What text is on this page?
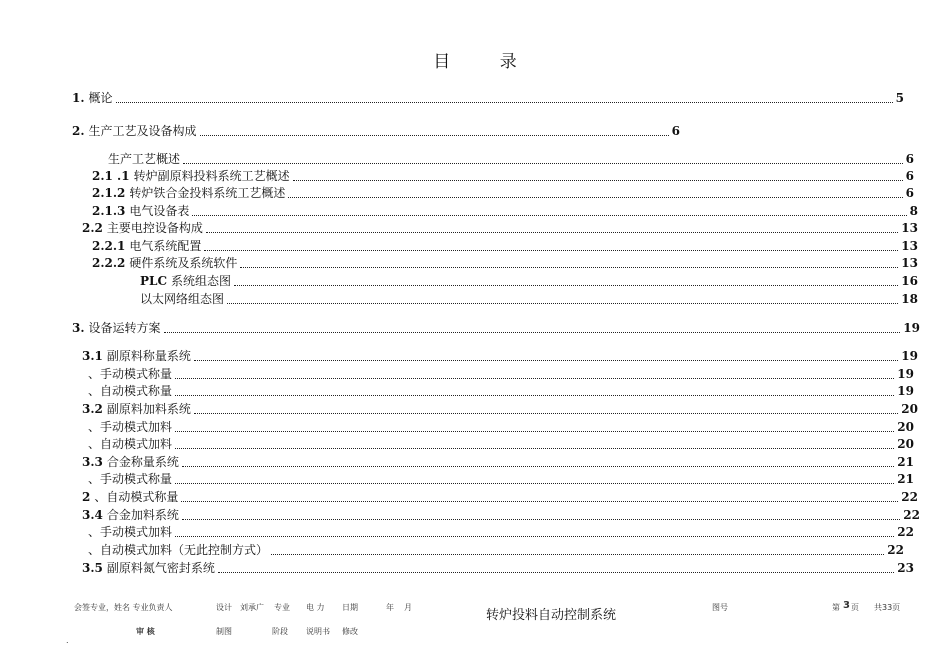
目 录
1. 概论	5
2. 生产工艺及设备构成	6
生产工艺概述	6
2.1 .1 转炉副原料投料系统工艺概述	6
2.1.2 转炉铁合金投料系统工艺概述	6
2.1.3 电气设备表	8
2.2 主要电控设备构成	13
2.2.1 电气系统配置	13
2.2.2 硬件系统及系统软件	13
PLC 系统组态图	16
以太网络组态图	18
3. 设备运转方案	19
3.1 副原料称量系统	19
、手动模式称量	19
、自动模式称量	19
3.2 副原料加料系统	20
、手动模式加料	20
、自动模式加料	20
3.3 合金称量系统	21
、手动模式称量	21
2 、自动模式称量	22
3.4 合金加料系统	22
、手动模式加料	22
、自动模式加料（无此控制方式）	22
3.5 副原料氮气密封系统	23
会签专业，姓名 专业负责人	设计 刘承广 专业 电 力 日期	年 月
转炉投料自动控制系统
图号	第 3 页 共33页
审 核	制图	阶段 说明书 修改
.
